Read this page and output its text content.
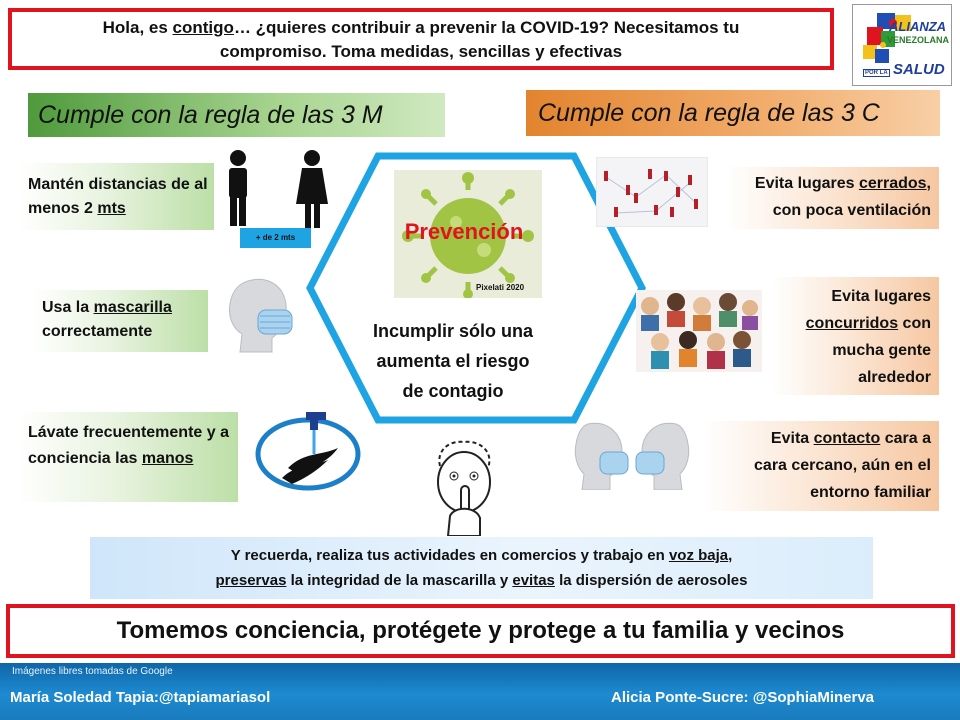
Hola, es contigo… ¿quieres contribuir a prevenir la COVID-19? Necesitamos tu
compromiso. Toma medidas, sencillas y efectivas
ALIANZA
VENEZOLANA
POR LA SALUD
Cumple con la regla de las 3 M	Cumple con la regla de las 3 C
Mantén distancias de al menos 2 mts
+ de 2 mts
Usa la mascarilla correctamente
Lávate frecuentemente y a conciencia las manos
Prevención
Pixelati 2020
Incumplir sólo una
aumenta el riesgo
de contagio
Evita lugares cerrados,
con poca ventilación
Evita lugares
concurridos con
mucha gente
alrededor
Evita contacto cara a
cara cercano, aún en el
entorno familiar
Y recuerda, realiza tus actividades en comercios y trabajo en voz baja,
preservas la integridad de la mascarilla y evitas la dispersión de aerosoles
Tomemos conciencia, protégete y protege a tu familia y vecinos
Imágenes libres tomadas de Google
María Soledad Tapia:@tapiamariasol	Alicia Ponte-Sucre: @SophiaMinerva
